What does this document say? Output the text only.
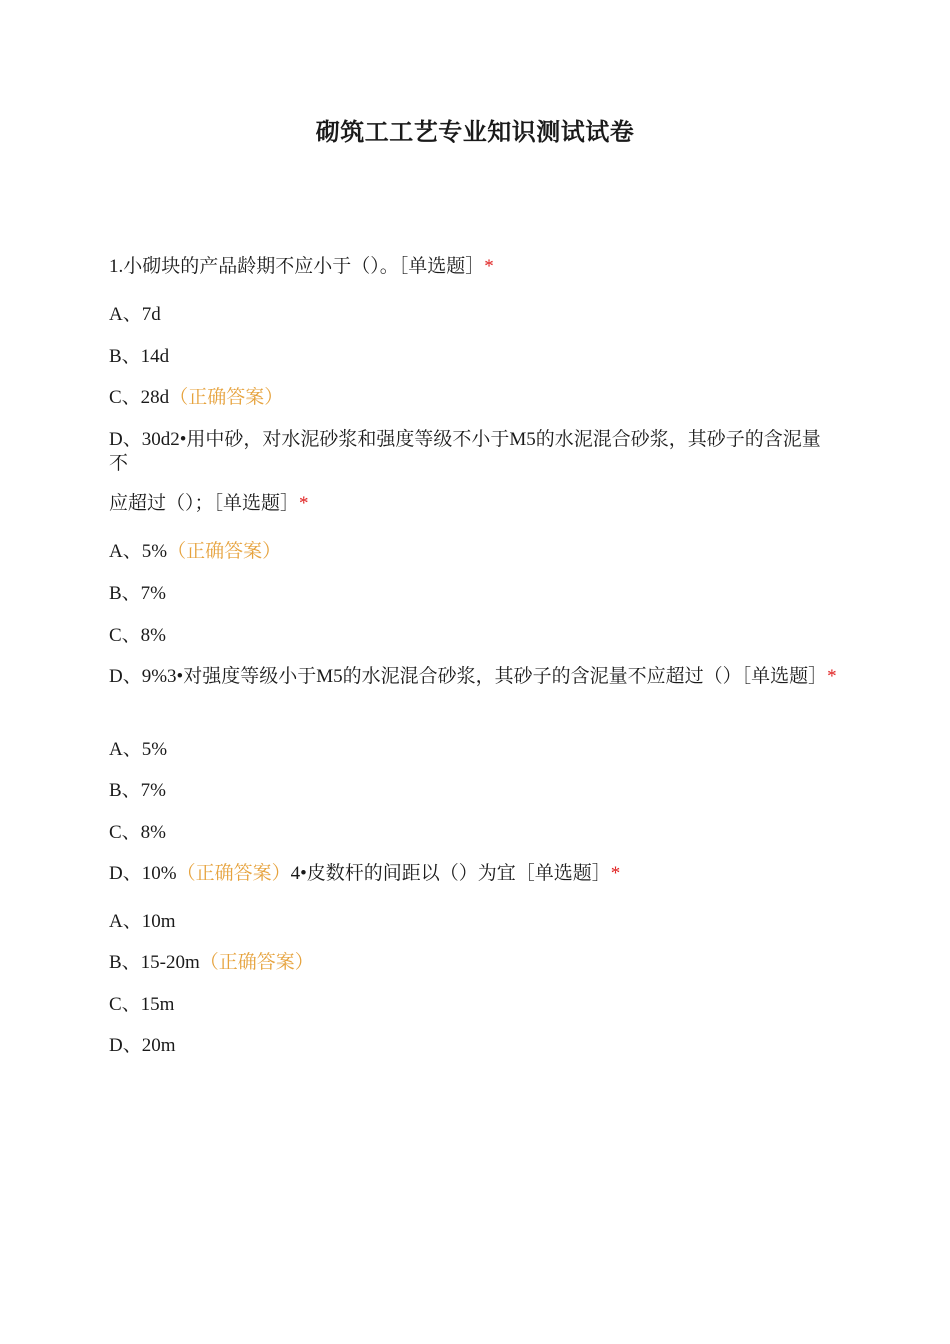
砌筑工工艺专业知识测试试卷
1.小砌块的产品龄期不应小于（）。［单选题］*
A、7d
B、14d
C、28d（正确答案）
D、30d2•用中砂，对水泥砂浆和强度等级不小于M5的水泥混合砂浆，其砂子的含泥量不
应超过（）；［单选题］*
A、5%（正确答案）
B、7%
C、8%
D、9%3•对强度等级小于M5的水泥混合砂浆，其砂子的含泥量不应超过（）［单选题］*
A、5%
B、7%
C、8%
D、10%（正确答案）4•皮数杆的间距以（）为宜［单选题］*
A、10m
B、15-20m（正确答案）
C、15m
D、20m
